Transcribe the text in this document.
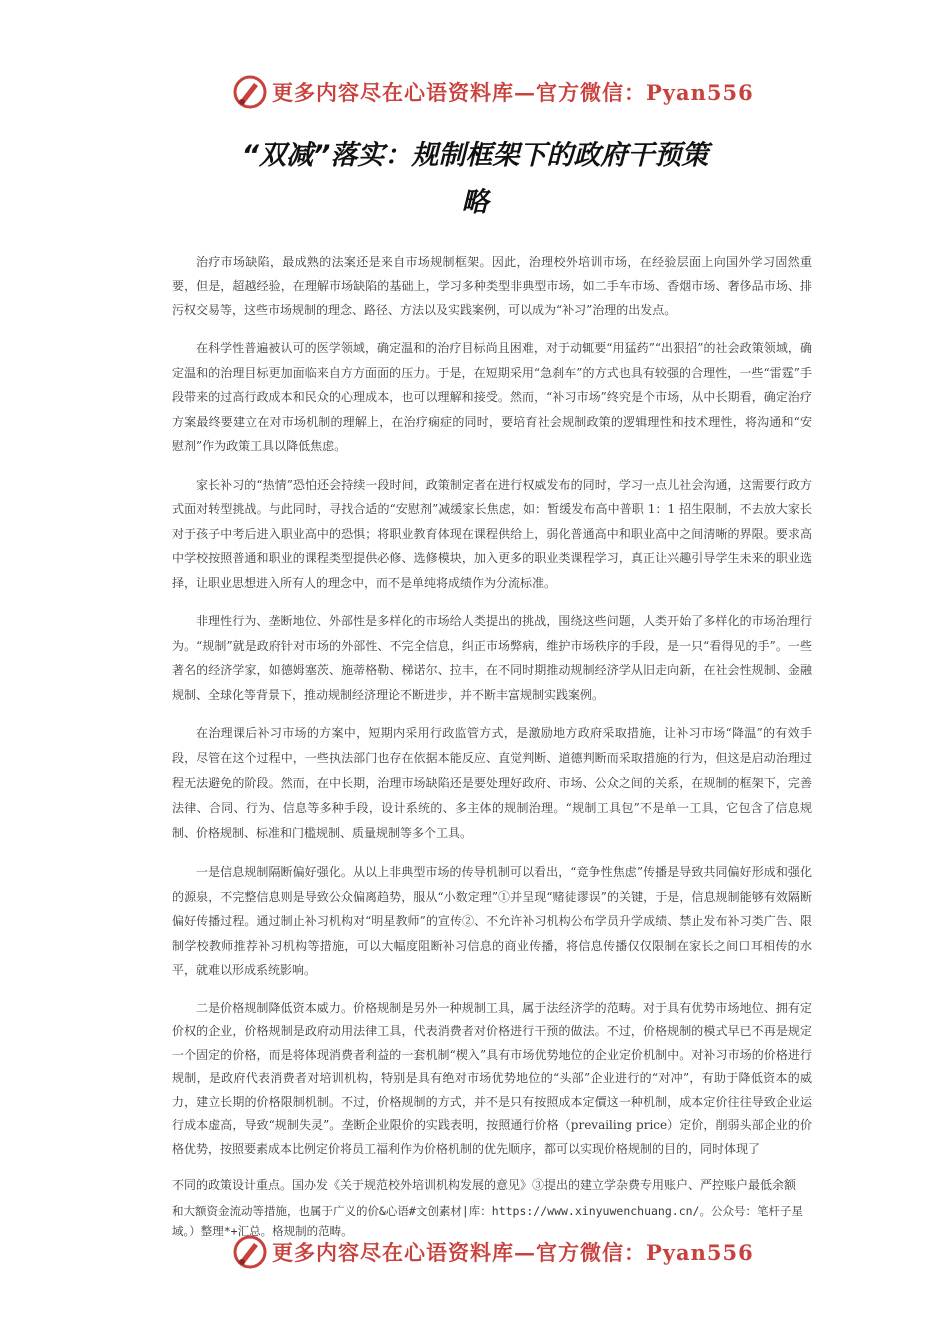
更多内容尽在心语资料库—官方微信：Pyan556
“双减”落实：规制框架下的政府干预策
略

治疗市场缺陷，最成熟的法案还是来自市场规制框架。因此，治理校外培训市场，在经验层面上向国外学习固然重要，但是，超越经验，在理解市场缺陷的基础上，学习多种类型非典型市场，如二手车市场、香烟市场、奢侈品市场、排污权交易等，这些市场规制的理念、路径、方法以及实践案例，可以成为“补习”治理的出发点。

在科学性普遍被认可的医学领域，确定温和的治疗目标尚且困难，对于动辄要“用猛药”“出狠招”的社会政策领域，确定温和的治理目标更加面临来自方方面面的压力。于是，在短期采用“急刹车”的方式也具有较强的合理性，一些“雷霆”手段带来的过高行政成本和民众的心理成本，也可以理解和接受。然而，“补习市场”终究是个市场，从中长期看，确定治疗方案最终要建立在对市场机制的理解上，在治疗痫症的同时，要培育社会规制政策的逻辑理性和技术理性，将沟通和“安慰剂”作为政策工具以降低焦虑。

家长补习的“热情”恐怕还会持续一段时间，政策制定者在进行权威发布的同时，学习一点儿社会沟通，这需要行政方式面对转型挑战。与此同时，寻找合适的“安慰剂”减缓家长焦虑，如：暂缓发布高中普职 1：1 招生限制，不去放大家长对于孩子中考后进入职业高中的恐惧；将职业教育体现在课程供给上，弱化普通高中和职业高中之间清晰的界限。要求高中学校按照普通和职业的课程类型提供必修、选修模块，加入更多的职业类课程学习，真正让兴趣引导学生未来的职业选择，让职业思想进入所有人的理念中，而不是单纯将成绩作为分流标准。

非理性行为、垄断地位、外部性是多样化的市场给人类提出的挑战，围绕这些问题，人类开始了多样化的市场治理行为。“规制”就是政府针对市场的外部性、不完全信息，纠正市场弊病，维护市场秩序的手段，是一只“看得见的手”。一些著名的经济学家，如德姆塞茨、施蒂格勒、梯诺尔、拉丰，在不同时期推动规制经济学从旧走向新，在社会性规制、金融规制、全球化等背景下，推动规制经济理论不断进步，并不断丰富规制实践案例。

在治理课后补习市场的方案中，短期内采用行政监管方式，是激励地方政府采取措施，让补习市场“降温”的有效手段，尽管在这个过程中，一些执法部门也存在依据本能反应、直觉判断、道德判断而采取措施的行为，但这是启动治理过程无法避免的阶段。然而，在中长期，治理市场缺陷还是要处理好政府、市场、公众之间的关系，在规制的框架下，完善法律、合同、行为、信息等多种手段，设计系统的、多主体的规制治理。“规制工具包”不是单一工具，它包含了信息规制、价格规制、标准和门槛规制、质量规制等多个工具。

一是信息规制隔断偏好强化。从以上非典型市场的传导机制可以看出，“竞争性焦虑”传播是导致共同偏好形成和强化的源泉，不完整信息则是导致公众偏离趋势，服从“小数定理”①并呈现“赌徒谬误”的关键，于是，信息规制能够有效隔断偏好传播过程。通过制止补习机构对“明星教师”的宣传②、不允许补习机构公布学员升学成绩、禁止发布补习类广告、限制学校教师推荐补习机构等措施，可以大幅度阻断补习信息的商业传播，将信息传播仅仅限制在家长之间口耳相传的水平，就难以形成系统影响。

二是价格规制降低资本威力。价格规制是另外一种规制工具，属于法经济学的范畴。对于具有优势市场地位、拥有定价权的企业，价格规制是政府动用法律工具，代表消费者对价格进行干预的做法。不过，价格规制的模式早已不再是规定一个固定的价格，而是将体现消费者利益的一套机制“楔入”具有市场优势地位的企业定价机制中。对补习市场的价格进行规制，是政府代表消费者对培训机构，特别是具有绝对市场优势地位的“头部”企业进行的“对冲”，有助于降低资本的威力，建立长期的价格限制机制。不过，价格规制的方式，并不是只有按照成本定價这一种机制，成本定价往往导致企业运行成本虚高，导致“规制失灵”。垄断企业限价的实践表明，按照通行价格（prevailing price）定价，削弱头部企业的价格优势，按照要素成本比例定价将员工福利作为价格机制的优先顺序，都可以实现价格规制的目的，同时体现了

不同的政策设计重点。国办发《关于规范校外培训机构发展的意见》③提出的建立学杂费专用账户、严控账户最低余额

和大额资金流动等措施，也属于广义的价&心语#文创素材|库：https://www.xinyuwenchuang.cn/。公众号：笔杆子星域。）整理*+汇总。格规制的范畴。

更多内容尽在心语资料库—官方微信：Pyan556
